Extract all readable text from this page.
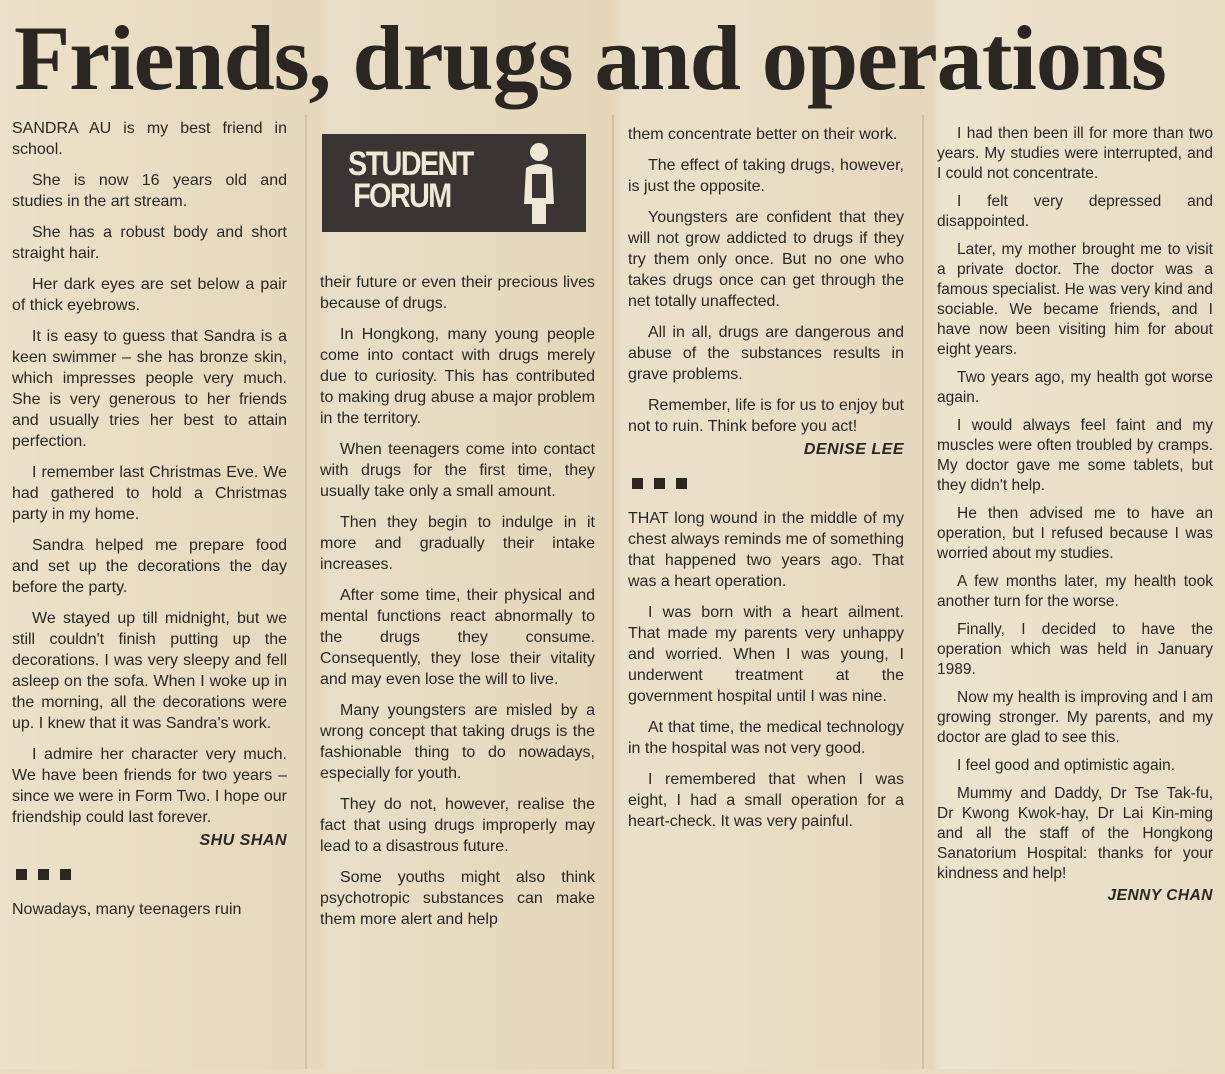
Friends, drugs and operations

SANDRA AU is my best friend in school.

She is now 16 years old and studies in the art stream.

She has a robust body and short straight hair.

Her dark eyes are set below a pair of thick eyebrows.

It is easy to guess that Sandra is a keen swimmer – she has bronze skin, which impresses people very much. She is very generous to her friends and usually tries her best to attain perfection.

I remember last Christmas Eve. We had gathered to hold a Christmas party in my home.

Sandra helped me prepare food and set up the decorations the day before the party.

We stayed up till midnight, but we still couldn't finish putting up the decorations. I was very sleepy and fell asleep on the sofa. When I woke up in the morning, all the decorations were up. I knew that it was Sandra's work.

I admire her character very much. We have been friends for two years – since we were in Form Two. I hope our friendship could last forever.

SHU SHAN

Nowadays, many teenagers ruin

STUDENT
FORUM

their future or even their precious lives because of drugs.

In Hongkong, many young people come into contact with drugs merely due to curiosity. This has contributed to making drug abuse a major problem in the territory.

When teenagers come into contact with drugs for the first time, they usually take only a small amount.

Then they begin to indulge in it more and gradually their intake increases.

After some time, their physical and mental functions react abnormally to the drugs they consume. Consequently, they lose their vitality and may even lose the will to live.

Many youngsters are misled by a wrong concept that taking drugs is the fashionable thing to do nowadays, especially for youth.

They do not, however, realise the fact that using drugs improperly may lead to a disastrous future.

Some youths might also think psychotropic substances can make them more alert and help

them concentrate better on their work.

The effect of taking drugs, however, is just the opposite.

Youngsters are confident that they will not grow addicted to drugs if they try them only once. But no one who takes drugs once can get through the net totally unaffected.

All in all, drugs are dangerous and abuse of the substances results in grave problems.

Remember, life is for us to enjoy but not to ruin. Think before you act!

DENISE LEE

THAT long wound in the middle of my chest always reminds me of something that happened two years ago. That was a heart operation.

I was born with a heart ailment. That made my parents very unhappy and worried. When I was young, I underwent treatment at the government hospital until I was nine.

At that time, the medical technology in the hospital was not very good.

I remembered that when I was eight, I had a small operation for a heart-check. It was very painful.

I had then been ill for more than two years. My studies were interrupted, and I could not concentrate.

I felt very depressed and disappointed.

Later, my mother brought me to visit a private doctor. The doctor was a famous specialist. He was very kind and sociable. We became friends, and I have now been visiting him for about eight years.

Two years ago, my health got worse again.

I would always feel faint and my muscles were often troubled by cramps. My doctor gave me some tablets, but they didn't help.

He then advised me to have an operation, but I refused because I was worried about my studies.

A few months later, my health took another turn for the worse.

Finally, I decided to have the operation which was held in January 1989.

Now my health is improving and I am growing stronger. My parents, and my doctor are glad to see this.

I feel good and optimistic again.

Mummy and Daddy, Dr Tse Tak-fu, Dr Kwong Kwok-hay, Dr Lai Kin-ming and all the staff of the Hongkong Sanatorium Hospital: thanks for your kindness and help!

JENNY CHAN
